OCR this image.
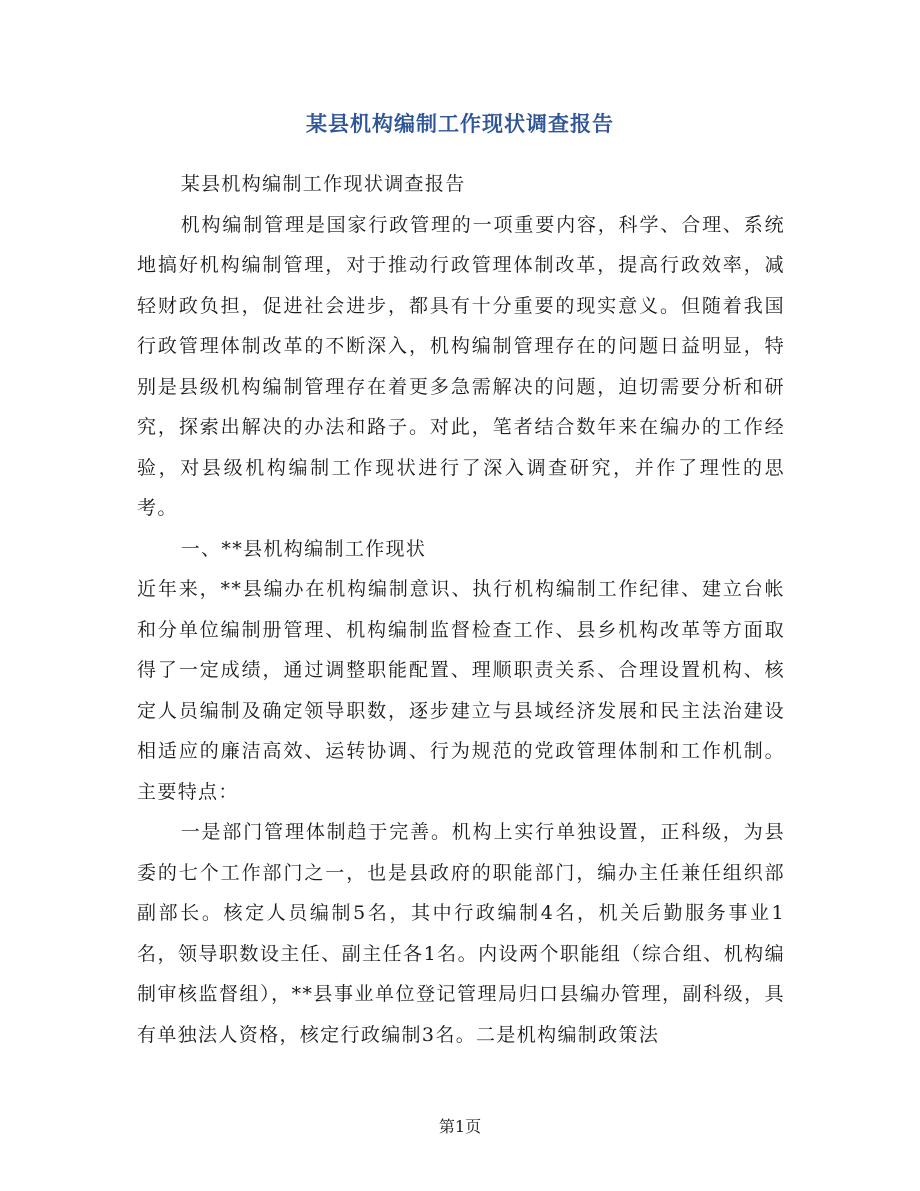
某县机构编制工作现状调查报告

某县机构编制工作现状调查报告

机构编制管理是国家行政管理的一项重要内容，科学、合理、系统地搞好机构编制管理，对于推动行政管理体制改革，提高行政效率，减轻财政负担，促进社会进步，都具有十分重要的现实意义。但随着我国行政管理体制改革的不断深入，机构编制管理存在的问题日益明显，特别是县级机构编制管理存在着更多急需解决的问题，迫切需要分析和研究，探索出解决的办法和路子。对此，笔者结合数年来在编办的工作经验，对县级机构编制工作现状进行了深入调查研究，并作了理性的思考。

一、**县机构编制工作现状

近年来，**县编办在机构编制意识、执行机构编制工作纪律、建立台帐和分单位编制册管理、机构编制监督检查工作、县乡机构改革等方面取得了一定成绩，通过调整职能配置、理顺职责关系、合理设置机构、核定人员编制及确定领导职数，逐步建立与县域经济发展和民主法治建设相适应的廉洁高效、运转协调、行为规范的党政管理体制和工作机制。主要特点：

一是部门管理体制趋于完善。机构上实行单独设置，正科级，为县委的七个工作部门之一，也是县政府的职能部门，编办主任兼任组织部副部长。核定人员编制5名，其中行政编制4名，机关后勤服务事业1名，领导职数设主任、副主任各1名。内设两个职能组（综合组、机构编制审核监督组），**县事业单位登记管理局归口县编办管理，副科级，具有单独法人资格，核定行政编制3名。二是机构编制政策法

第1页
